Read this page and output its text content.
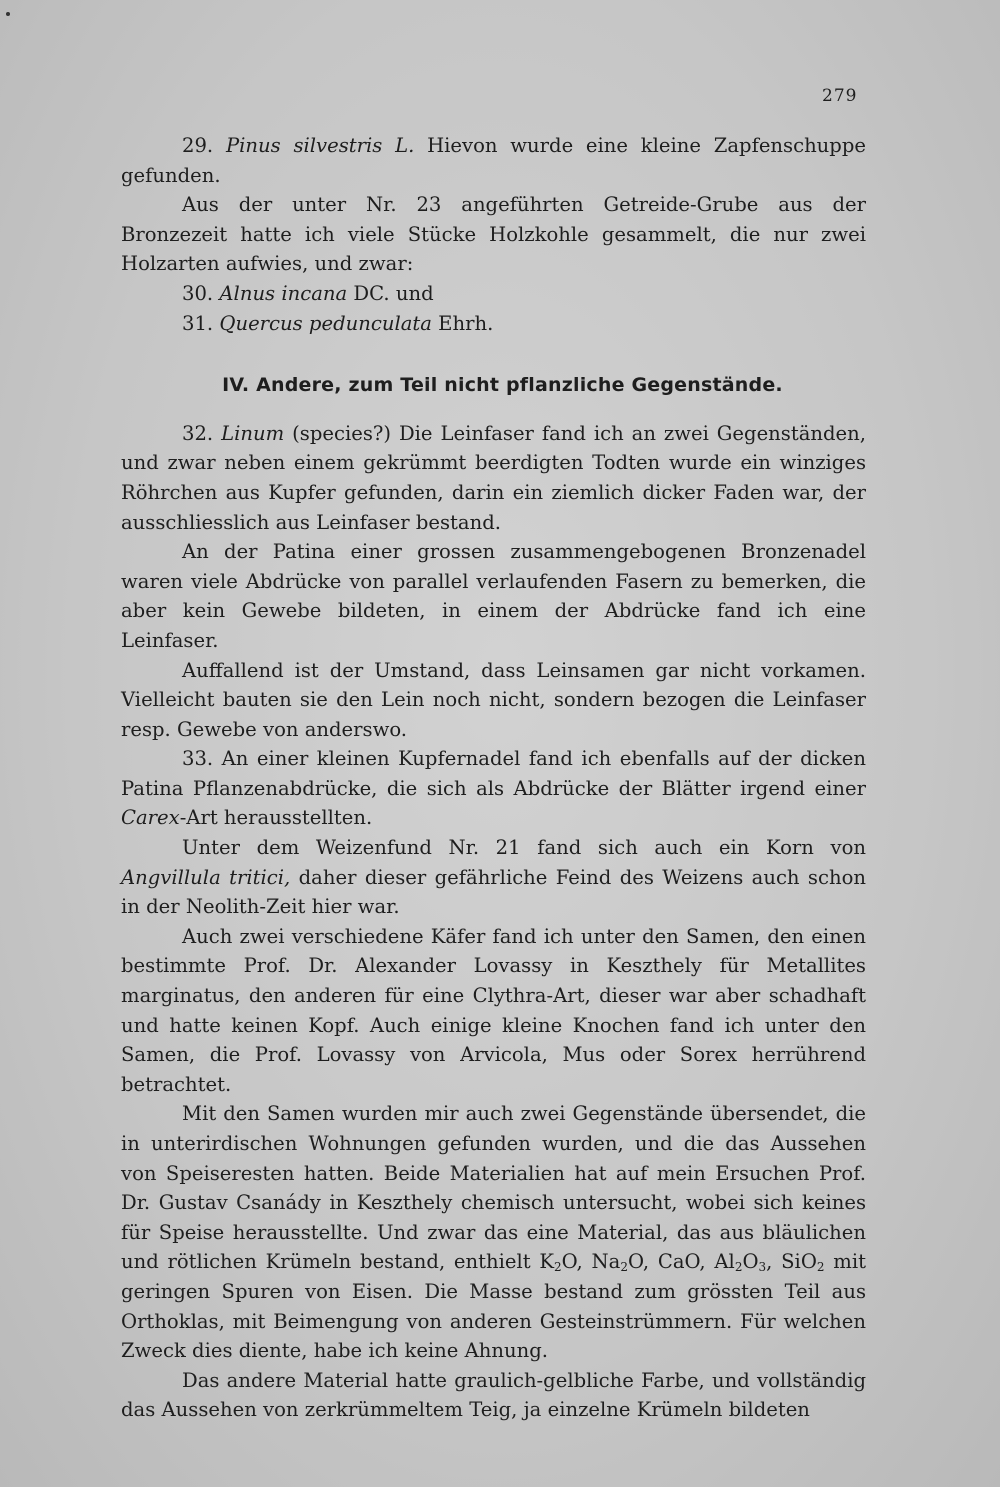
279

29. Pinus silvestris L. Hievon wurde eine kleine Zapfenschuppe gefunden.

Aus der unter Nr. 23 angeführten Getreide-Grube aus der Bronzezeit hatte ich viele Stücke Holzkohle gesammelt, die nur zwei Holzarten aufwies, und zwar:

30. Alnus incana DC. und

31. Quercus pedunculata Ehrh.

IV. Andere, zum Teil nicht pflanzliche Gegenstände.

32. Linum (species?) Die Leinfaser fand ich an zwei Gegenständen, und zwar neben einem gekrümmt beerdigten Todten wurde ein winziges Röhrchen aus Kupfer gefunden, darin ein ziemlich dicker Faden war, der ausschliesslich aus Leinfaser bestand.

An der Patina einer grossen zusammengebogenen Bronzenadel waren viele Abdrücke von parallel verlaufenden Fasern zu bemerken, die aber kein Gewebe bildeten, in einem der Abdrücke fand ich eine Leinfaser.

Auffallend ist der Umstand, dass Leinsamen gar nicht vorkamen. Vielleicht bauten sie den Lein noch nicht, sondern bezogen die Leinfaser resp. Gewebe von anderswo.

33. An einer kleinen Kupfernadel fand ich ebenfalls auf der dicken Patina Pflanzenabdrücke, die sich als Abdrücke der Blätter irgend einer Carex-Art herausstellten.

Unter dem Weizenfund Nr. 21 fand sich auch ein Korn von Angvillula tritici, daher dieser gefährliche Feind des Weizens auch schon in der Neolith-Zeit hier war.

Auch zwei verschiedene Käfer fand ich unter den Samen, den einen bestimmte Prof. Dr. Alexander Lovassy in Keszthely für Metallites marginatus, den anderen für eine Clythra-Art, dieser war aber schadhaft und hatte keinen Kopf. Auch einige kleine Knochen fand ich unter den Samen, die Prof. Lovassy von Arvicola, Mus oder Sorex herrührend betrachtet.

Mit den Samen wurden mir auch zwei Gegenstände übersendet, die in unterirdischen Wohnungen gefunden wurden, und die das Aussehen von Speiseresten hatten. Beide Materialien hat auf mein Ersuchen Prof. Dr. Gustav Csanády in Keszthely chemisch untersucht, wobei sich keines für Speise herausstellte. Und zwar das eine Material, das aus bläulichen und rötlichen Krümeln bestand, enthielt $K_2O$, $Na_2O$, CaO, $Al_2O_3$, SiO$_2$ mit geringen Spuren von Eisen. Die Masse bestand zum grössten Teil aus Orthoklas, mit Beimengung von anderen Gesteinstrümmern. Für welchen Zweck dies diente, habe ich keine Ahnung.

Das andere Material hatte graulich-gelbliche Farbe, und vollständig das Aussehen von zerkrümmeltem Teig, ja einzelne Krümeln bildeten
